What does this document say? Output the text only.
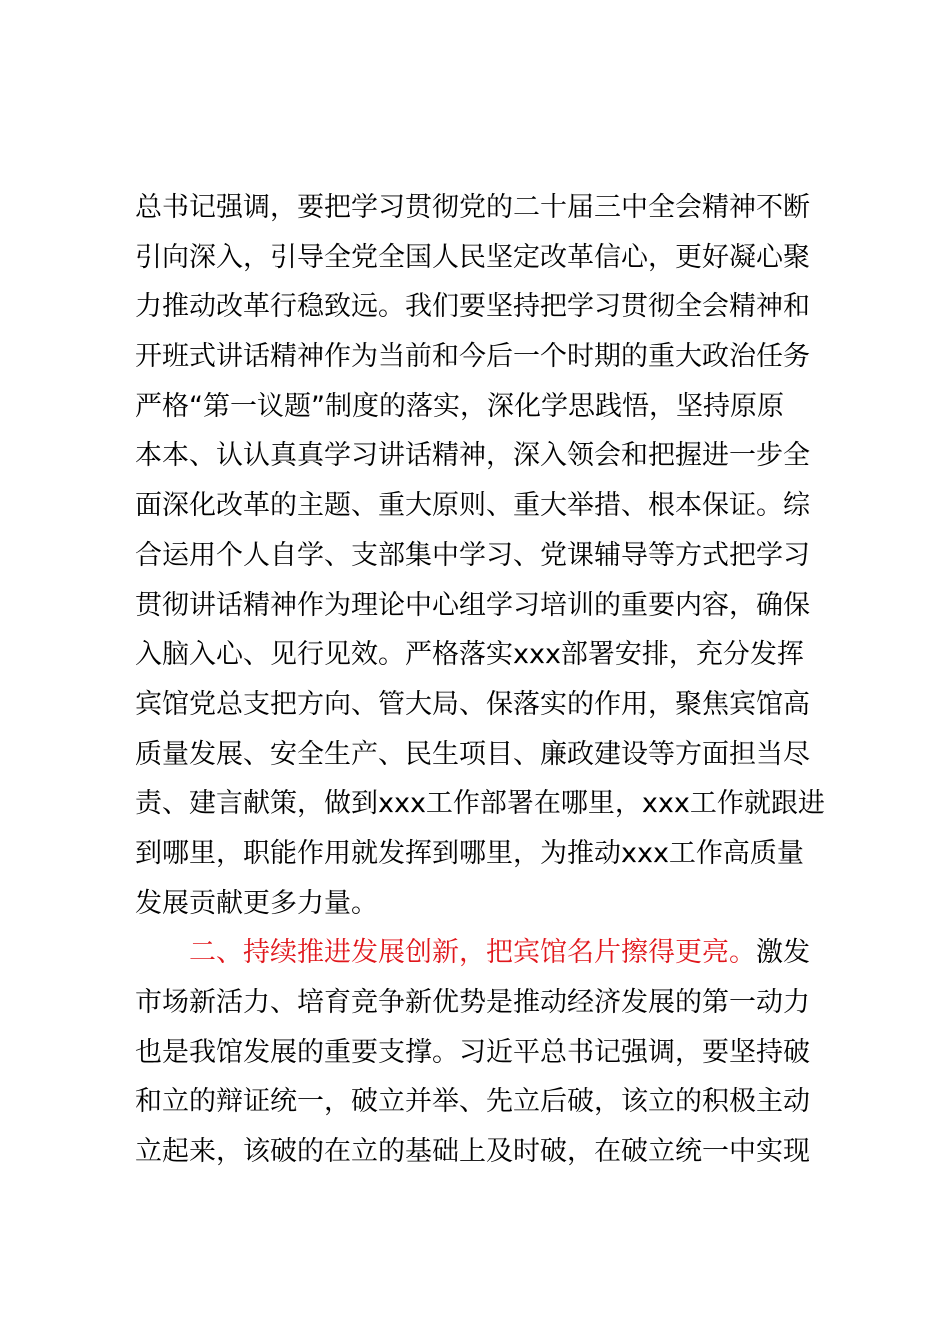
总书记强调，要把学习贯彻党的二十届三中全会精神不断
引向深入，引导全党全国人民坚定改革信心，更好凝心聚
力推动改革行稳致远。我们要坚持把学习贯彻全会精神和
开班式讲话精神作为当前和今后一个时期的重大政治任务
严格“第一议题”制度的落实，深化学思践悟，坚持原原
本本、认认真真学习讲话精神，深入领会和把握进一步全
面深化改革的主题、重大原则、重大举措、根本保证。综
合运用个人自学、支部集中学习、党课辅导等方式把学习
贯彻讲话精神作为理论中心组学习培训的重要内容，确保
入脑入心、见行见效。严格落实xxx部署安排，充分发挥
宾馆党总支把方向、管大局、保落实的作用，聚焦宾馆高
质量发展、安全生产、民生项目、廉政建设等方面担当尽
责、建言献策，做到xxx工作部署在哪里，xxx工作就跟进
到哪里，职能作用就发挥到哪里，为推动xxx工作高质量
发展贡献更多力量。
二、持续推进发展创新，把宾馆名片擦得更亮。激发
市场新活力、培育竞争新优势是推动经济发展的第一动力
也是我馆发展的重要支撑。习近平总书记强调，要坚持破
和立的辩证统一，破立并举、先立后破，该立的积极主动
立起来，该破的在立的基础上及时破，在破立统一中实现
